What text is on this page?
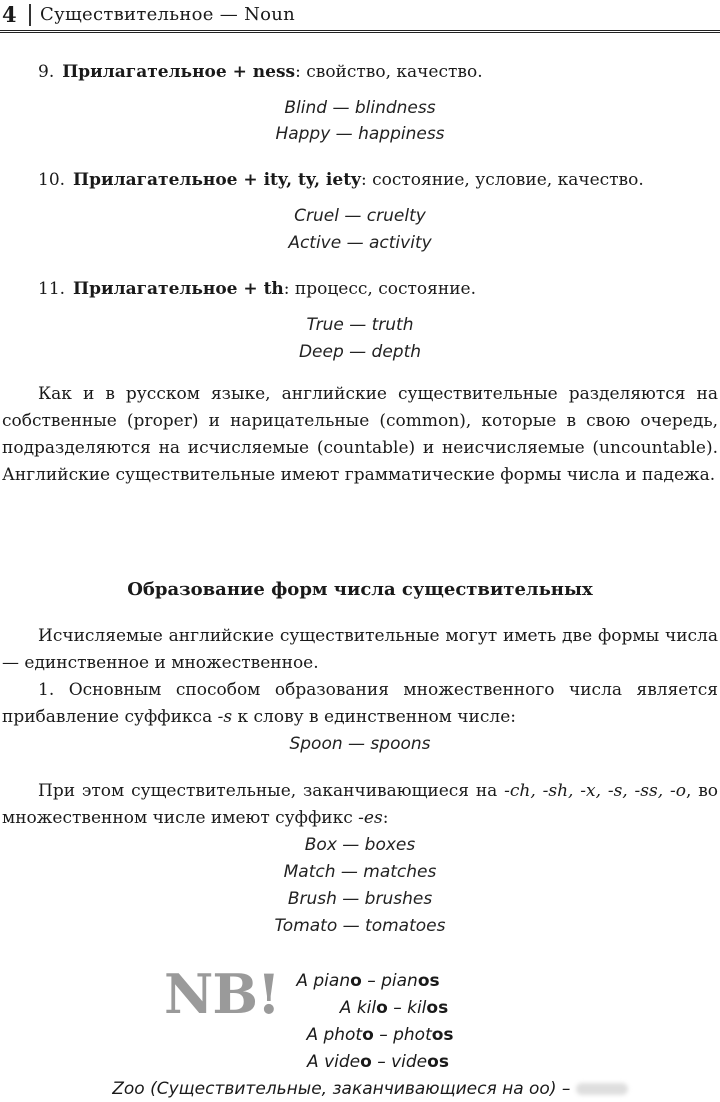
4 Существительное — Noun
9. Прилагательное + ness: свойство, качество.
Blind — blindness
Happy — happiness
10. Прилагательное + ity, ty, iety: состояние, условие, качество.
Cruel — cruelty
Active — activity
11. Прилагательное + th: процесс, состояние.
True — truth
Deep — depth
Как и в русском языке, английские существительные разделяются на собственные (proper) и нарицательные (common), которые в свою очередь, подразделяются на исчисляемые (countable) и неисчисляемые (uncountable). Английские существительные имеют грамматические формы числа и падежа.
Образование форм числа существительных
Исчисляемые английские существительные могут иметь две формы числа — единственное и множественное.
1. Основным способом образования множественного числа является прибавление суффикса -s к слову в единственном числе:
Spoon — spoons
При этом существительные, заканчивающиеся на -ch, -sh, -x, -s, -ss, -o, во множественном числе имеют суффикс -es:
Box — boxes
Match — matches
Brush — brushes
Tomato — tomatoes
NB! A piano – pianos
A kilo – kilos
A photo – photos
A video – videos
Zoo (Существительные, заканчивающиеся на oo) –
